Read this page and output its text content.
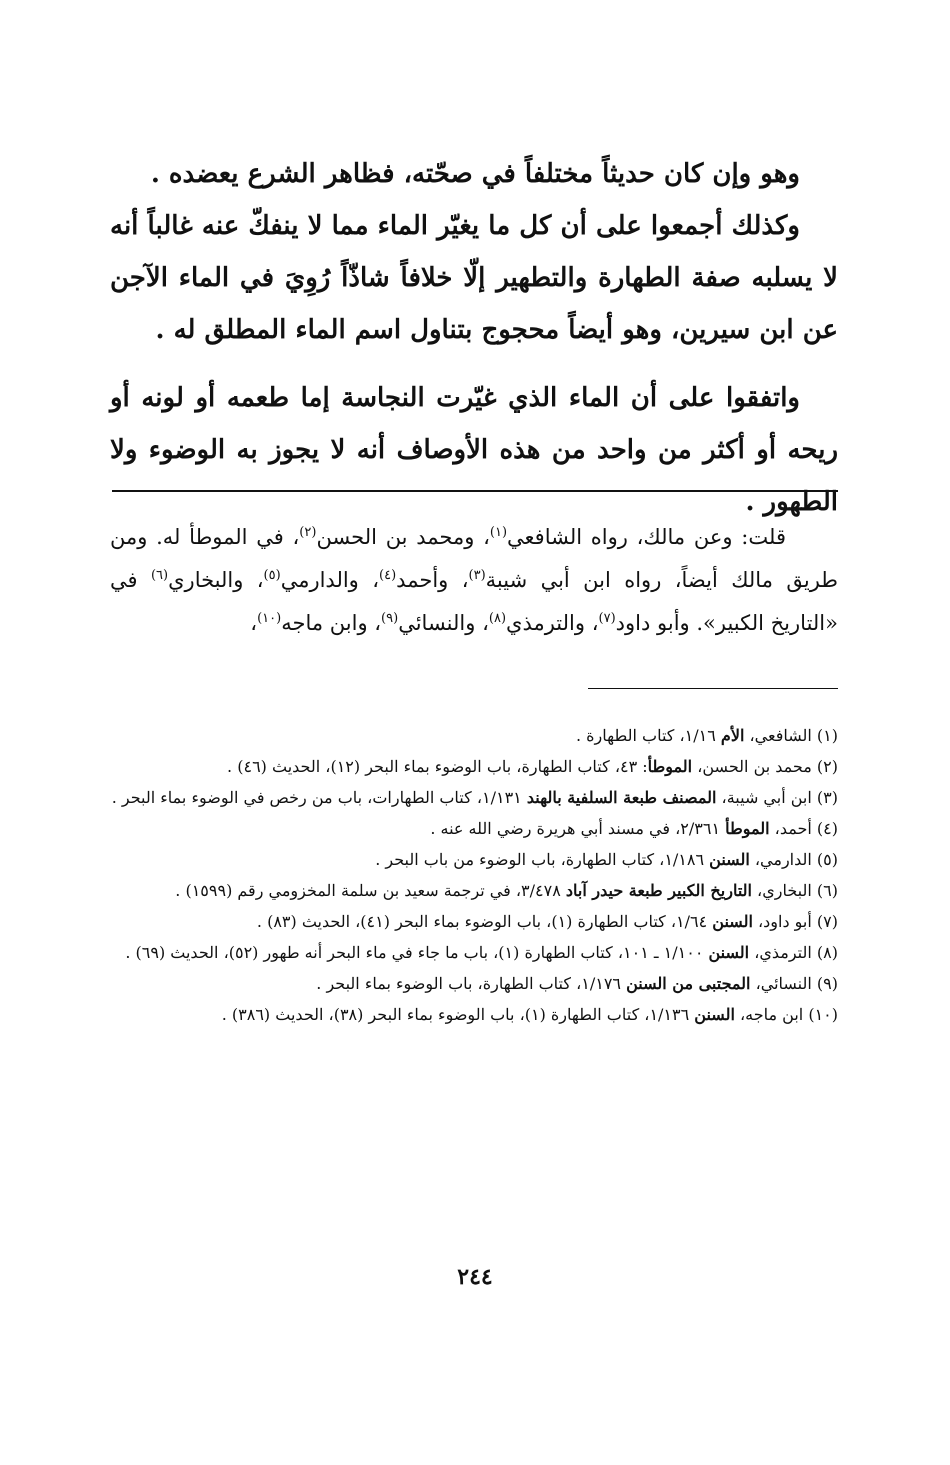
وهو وإن كان حديثاً مختلفاً في صحّته، فظاهر الشرع يعضده .

وكذلك أجمعوا على أن كل ما يغيّر الماء مما لا ينفكّ عنه غالباً أنه لا يسلبه صفة الطهارة والتطهير إلّا خلافاً شاذّاً رُوِيَ في الماء الآجن عن ابن سيرين، وهو أيضاً محجوج بتناول اسم الماء المطلق له .

واتفقوا على أن الماء الذي غيّرت النجاسة إما طعمه أو لونه أو ريحه أو أكثر من واحد من هذه الأوصاف أنه لا يجوز به الوضوء ولا الطهور .

قلت: وعن مالك، رواه الشافعي$^{(١)}$، ومحمد بن الحسن$^{(٢)}$، في الموطأ له. ومن طريق مالك أيضاً، رواه ابن أبي شيبة$^{(٣)}$، وأحمد$^{(٤)}$، والدارمي$^{(٥)}$، والبخاري$^{(٦)}$ في «التاريخ الكبير». وأبو داود$^{(٧)}$، والترمذي$^{(٨)}$، والنسائي$^{(٩)}$، وابن ماجه$^{(١٠)}$،

(١) الشافعي، الأم ١/١٦، كتاب الطهارة .

(٢) محمد بن الحسن، الموطأ: ٤٣، كتاب الطهارة، باب الوضوء بماء البحر (١٢)، الحديث (٤٦) .

(٣) ابن أبي شيبة، المصنف طبعة السلفية بالهند ١/١٣١، كتاب الطهارات، باب من رخص في الوضوء بماء البحر .

(٤) أحمد، الموطأ ٢/٣٦١، في مسند أبي هريرة رضي الله عنه .

(٥) الدارمي، السنن ١/١٨٦، كتاب الطهارة، باب الوضوء من باب البحر .

(٦) البخاري، التاريخ الكبير طبعة حيدر آباد ٣/٤٧٨، في ترجمة سعيد بن سلمة المخزومي رقم (١٥٩٩) .

(٧) أبو داود، السنن ١/٦٤، كتاب الطهارة (١)، باب الوضوء بماء البحر (٤١)، الحديث (٨٣) .

(٨) الترمذي، السنن ١/١٠٠ ـ ١٠١، كتاب الطهارة (١)، باب ما جاء في ماء البحر أنه طهور (٥٢)، الحديث (٦٩) .

(٩) النسائي، المجتبى من السنن ١/١٧٦، كتاب الطهارة، باب الوضوء بماء البحر .

(١٠) ابن ماجه، السنن ١/١٣٦، كتاب الطهارة (١)، باب الوضوء بماء البحر (٣٨)، الحديث (٣٨٦) .

٢٤٤
